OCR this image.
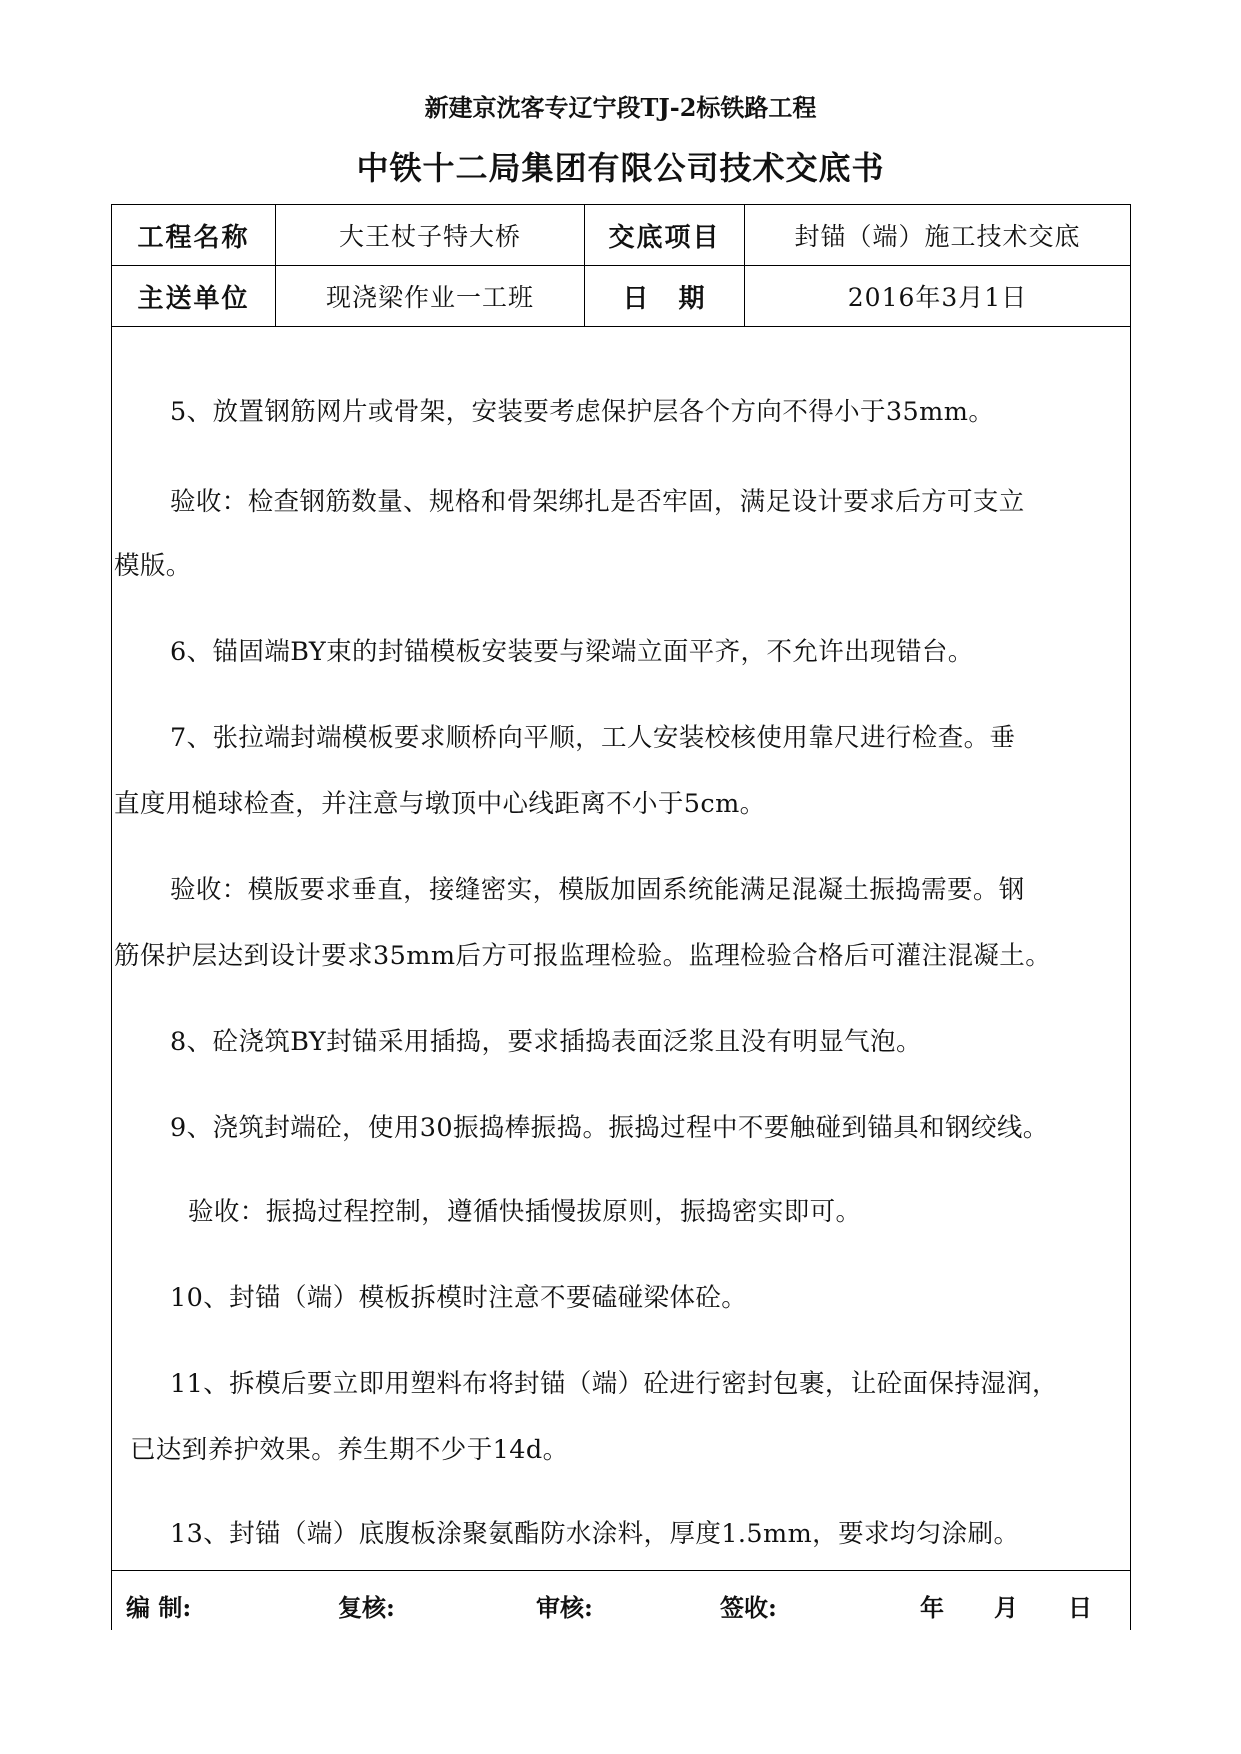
新建京沈客专辽宁段TJ-2标铁路工程
中铁十二局集团有限公司技术交底书
工程名称	大王杖子特大桥	交底项目	封锚（端）施工技术交底
主送单位	现浇梁作业一工班	日　期	2016年3月1日
5、放置钢筋网片或骨架，安装要考虑保护层各个方向不得小于35mm。
验收：检查钢筋数量、规格和骨架绑扎是否牢固，满足设计要求后方可支立
模版。
6、锚固端BY束的封锚模板安装要与梁端立面平齐，不允许出现错台。
7、张拉端封端模板要求顺桥向平顺，工人安装校核使用靠尺进行检查。垂
直度用槌球检查，并注意与墩顶中心线距离不小于5cm。
验收：模版要求垂直，接缝密实，模版加固系统能满足混凝土振捣需要。钢
筋保护层达到设计要求35mm后方可报监理检验。监理检验合格后可灌注混凝土。
8、砼浇筑BY封锚采用插捣，要求插捣表面泛浆且没有明显气泡。
9、浇筑封端砼，使用30振捣棒振捣。振捣过程中不要触碰到锚具和钢绞线。
验收：振捣过程控制，遵循快插慢拔原则，振捣密实即可。
10、封锚（端）模板拆模时注意不要磕碰梁体砼。
11、拆模后要立即用塑料布将封锚（端）砼进行密封包裹，让砼面保持湿润，
已达到养护效果。养生期不少于14d。
13、封锚（端）底腹板涂聚氨酯防水涂料，厚度1.5mm，要求均匀涂刷。
编 制:	复核:	审核:	签收:	年 月 日
